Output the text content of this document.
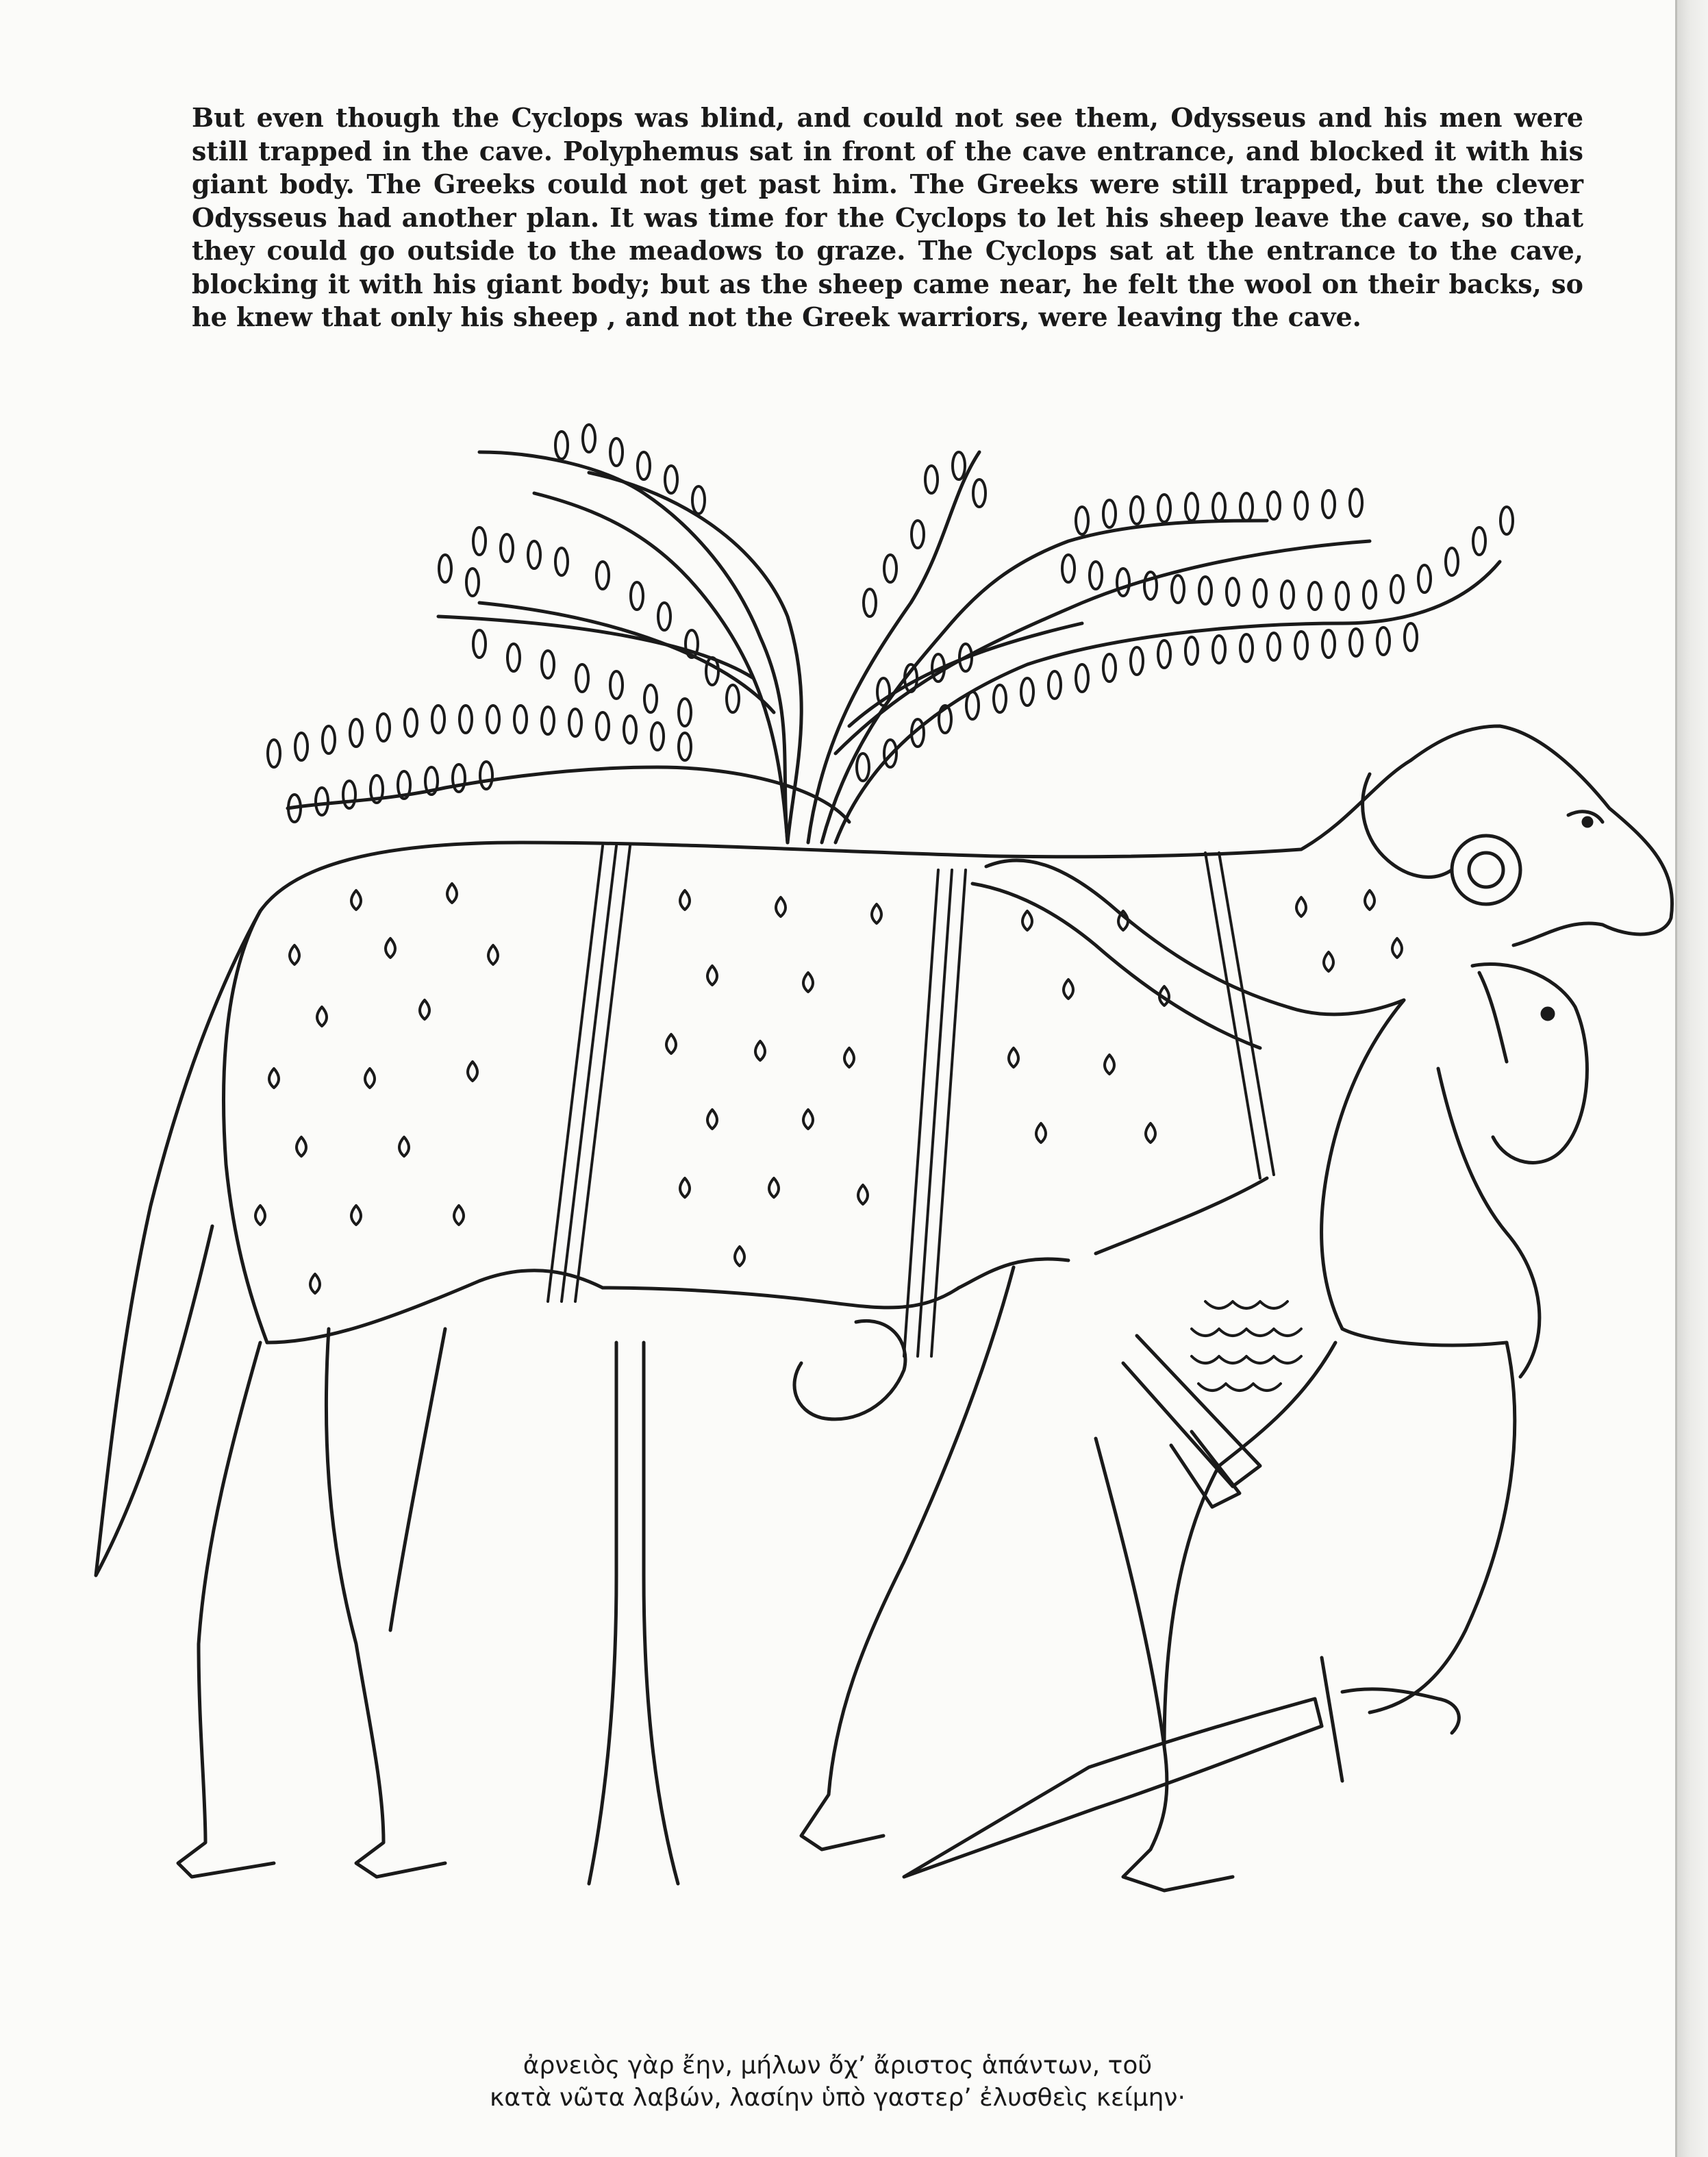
But even though the Cyclops was blind, and could not see them, Odysseus and his men were still trapped in the cave. Polyphemus sat in front of the cave entrance, and blocked it with his giant body. The Greeks could not get past him. The Greeks were still trapped, but the clever Odysseus had another plan. It was time for the Cyclops to let his sheep leave the cave, so that they could go outside to the meadows to graze. The Cyclops sat at the entrance to the cave, blocking it with his giant body; but as the sheep came near, he felt the wool on their backs, so he knew that only his sheep , and not the Greek warriors, were leaving the cave.

ἀρνειὸς γὰρ ἔην, μήλων ὄχ’ ἄριστος ἁπάντων, τοῦ

κατὰ νῶτα λαβών, λασίην ὑπὸ γαστερ’ ἐλυσθεὶς κείμην·
